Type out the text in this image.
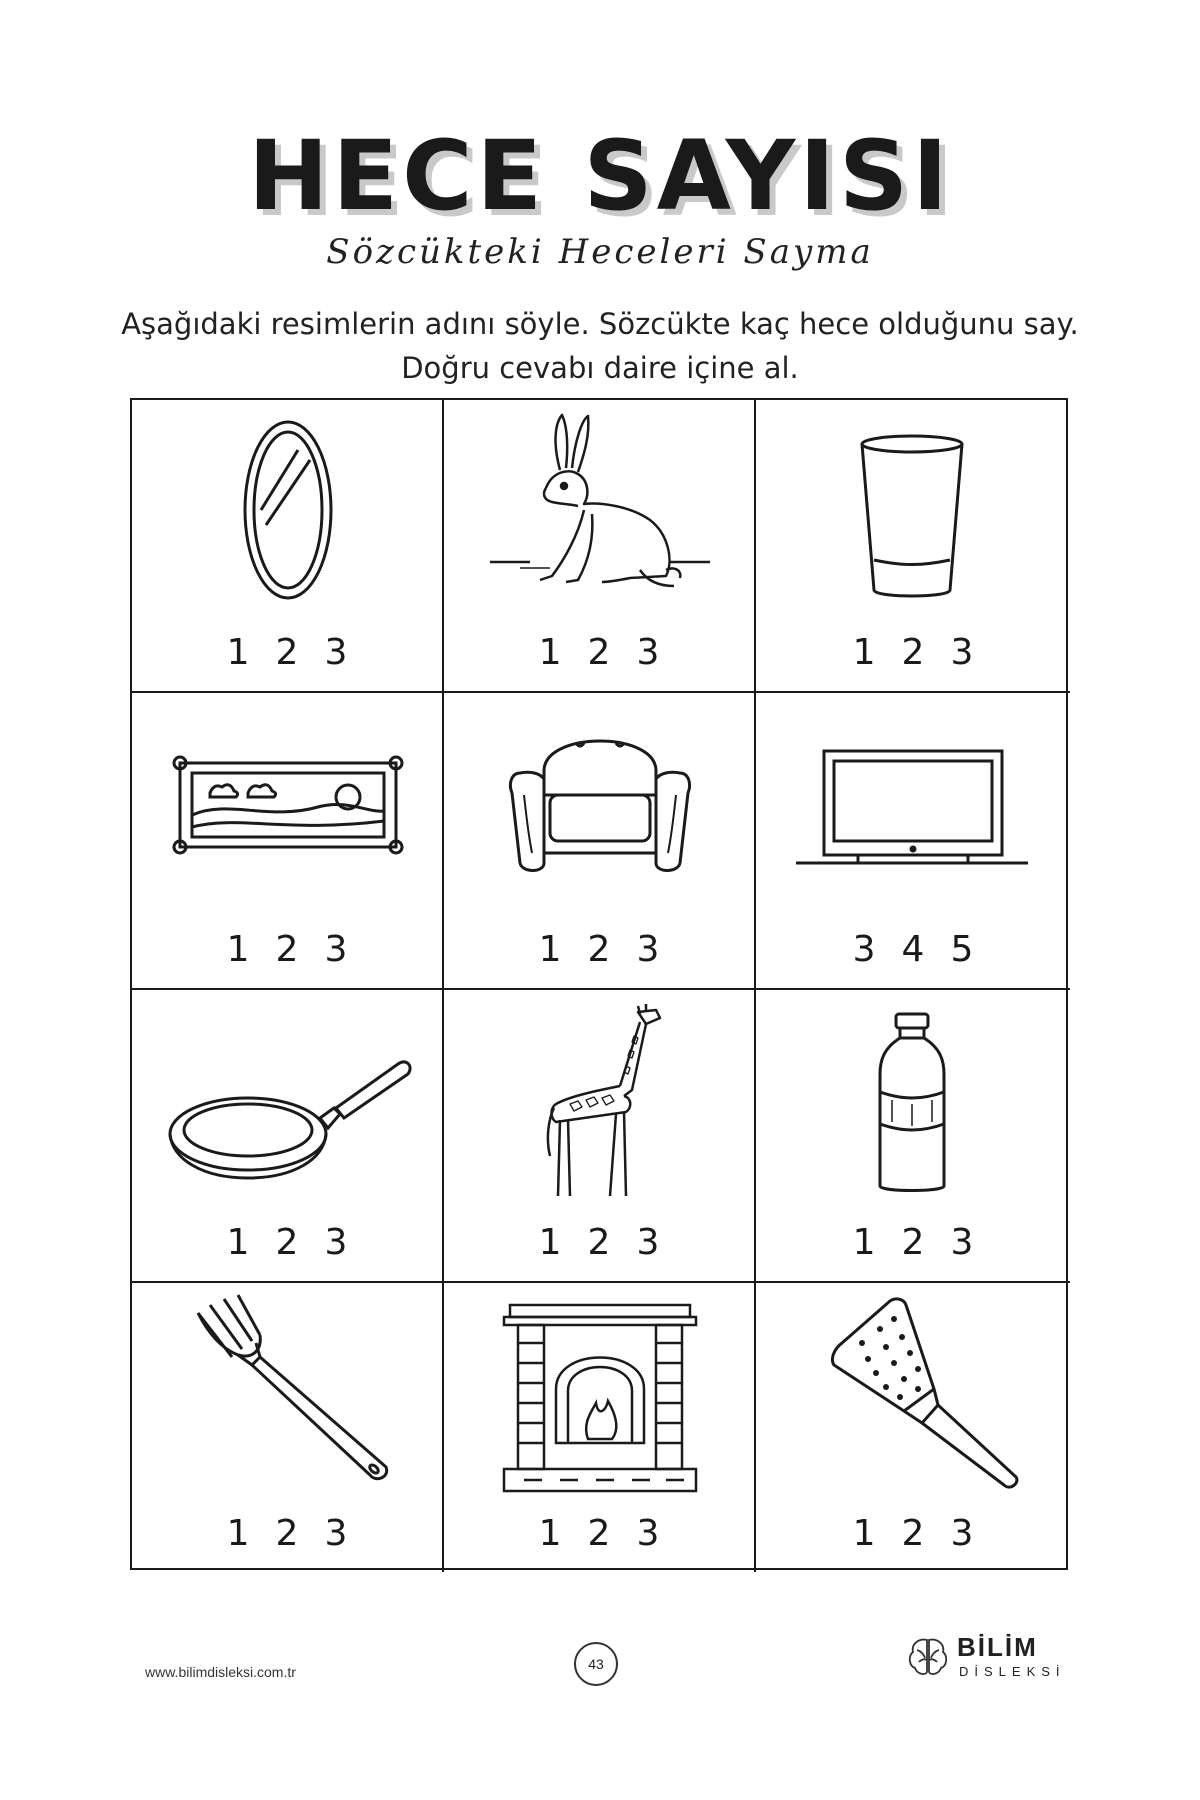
HECE SAYISI
Sözcükteki Heceleri Sayma

Aşağıdaki resimlerin adını söyle. Sözcükte kaç hece olduğunu say.

Doğru cevabı daire içine al.

1 2 3	1 2 3	1 2 3
1 2 3	1 2 3	3 4 5
1 2 3	1 2 3	1 2 3
1 2 3	1 2 3	1 2 3
www.bilimdisleksi.com.tr	43
BİLİM
DİSLEKSİ
